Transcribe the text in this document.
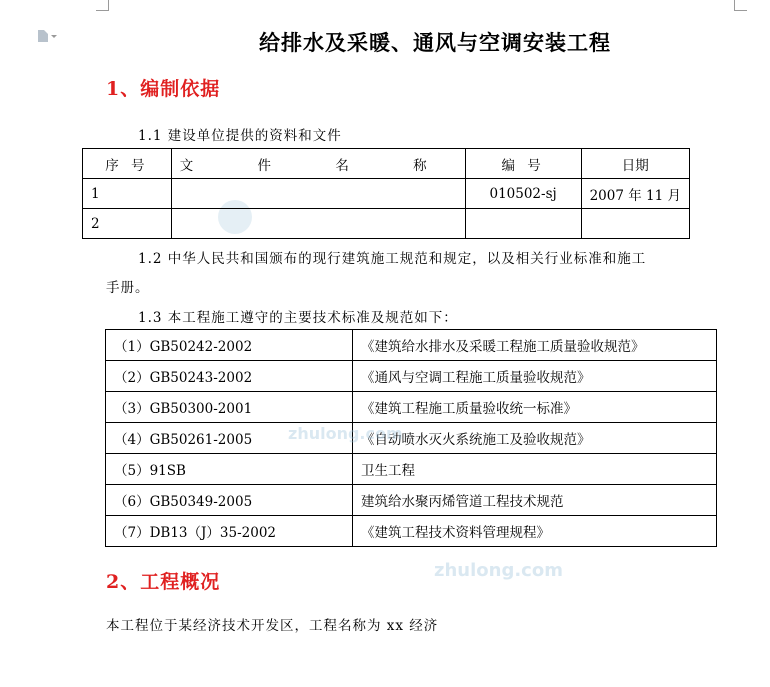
给排水及采暖、通风与空调安装工程
1、编制依据
1.1 建设单位提供的资料和文件
序 号	文 件 名 称	编 号	日期
1		010502-sj	2007 年 11 月
2			
1.2 中华人民共和国颁布的现行建筑施工规范和规定，以及相关行业标准和施工
手册。
1.3 本工程施工遵守的主要技术标准及规范如下：
（1）GB50242-2002	《建筑给水排水及采暖工程施工质量验收规范》
（2）GB50243-2002	《通风与空调工程施工质量验收规范》
（3）GB50300-2001	《建筑工程施工质量验收统一标准》
（4）GB50261-2005	《自动喷水灭火系统施工及验收规范》
（5）91SB	卫生工程
（6）GB50349-2005	建筑给水聚丙烯管道工程技术规范
（7）DB13（J）35-2002	《建筑工程技术资料管理规程》
zhulong.com
zhulong.com
2、工程概况
本工程位于某经济技术开发区，工程名称为 xx 经济
